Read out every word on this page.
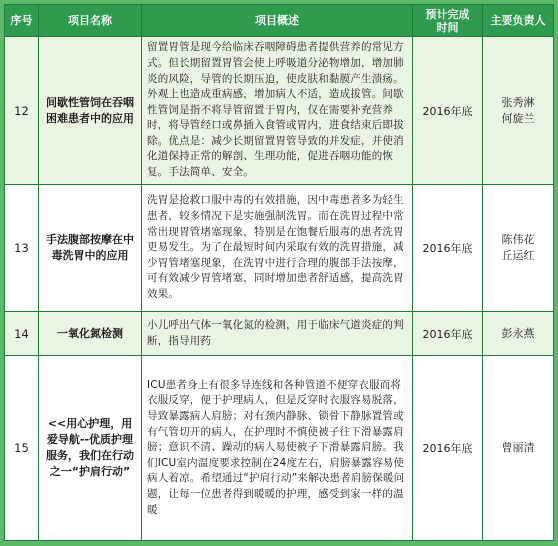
序号	项目名称	项目概述	预计完成时间	主要负责人
12	间歇性管饲在吞咽困难患者中的应用	留置胃管是现今给临床吞咽障碍患者提供营养的常见方式。但长期留置胃管会使上呼吸道分泌物增加，增加肺炎的风险，导管的长期压迫，使皮肤和黏膜产生溃疡。外观上也造成重病感，增加病人不适，造成拔管。间歇性管饲是指不将导管留置于胃内，仅在需要补充营养时，将导管经口或鼻插入食管或胃内，进食结束后即拔除。优点是：减少长期留置胃管导致的并发症，并使消化道保持正常的解剖、生理功能，促进吞咽功能的恢复。手法简单、安全。	2016年底	张秀淋
何旋兰
13	手法腹部按摩在中毒洗胃中的应用	洗胃是抢救口服中毒的有效措施，因中毒患者多为轻生患者，较多情况下是实施强制洗胃。而在洗胃过程中常常出现胃管堵塞现象，特别是在饱餐后服毒的患者洗胃更易发生。为了在最短时间内采取有效的洗胃措施，减少胃管堵塞现象，在洗胃中进行合理的腹部手法按摩，可有效减少胃管堵塞，同时增加患者舒适感，提高洗胃效果。	2016年底	陈伟花
丘运红
14	一氧化氮检测	小儿呼出气体一氧化氮的检测，用于临床气道炎症的判断，指导用药	2016年底	彭永燕
15	<<用心护理，用爱导航--优质护理服务，我们在行动之一“护肩行动”	ICU患者身上有很多导连线和各种管道不便穿衣服而将衣服反穿，便于护理病人，但是反穿时衣服容易脱落，导致暴露病人肩膀；对有颈内静脉、锁骨下静脉置管或有气管切开的病人，在护理时不慎使被子往下滑暴露肩膀；意识不清、躁动的病人易使被子下滑暴露肩膀。我们ICU室内温度要求控制在24度左右，肩膀暴露容易使病人着凉。希望通过“护肩行动”来解决患者肩膀保暖问题，让每一位患者得到暖暖的护理，感受到家一样的温暖	2016年底	曾丽清
